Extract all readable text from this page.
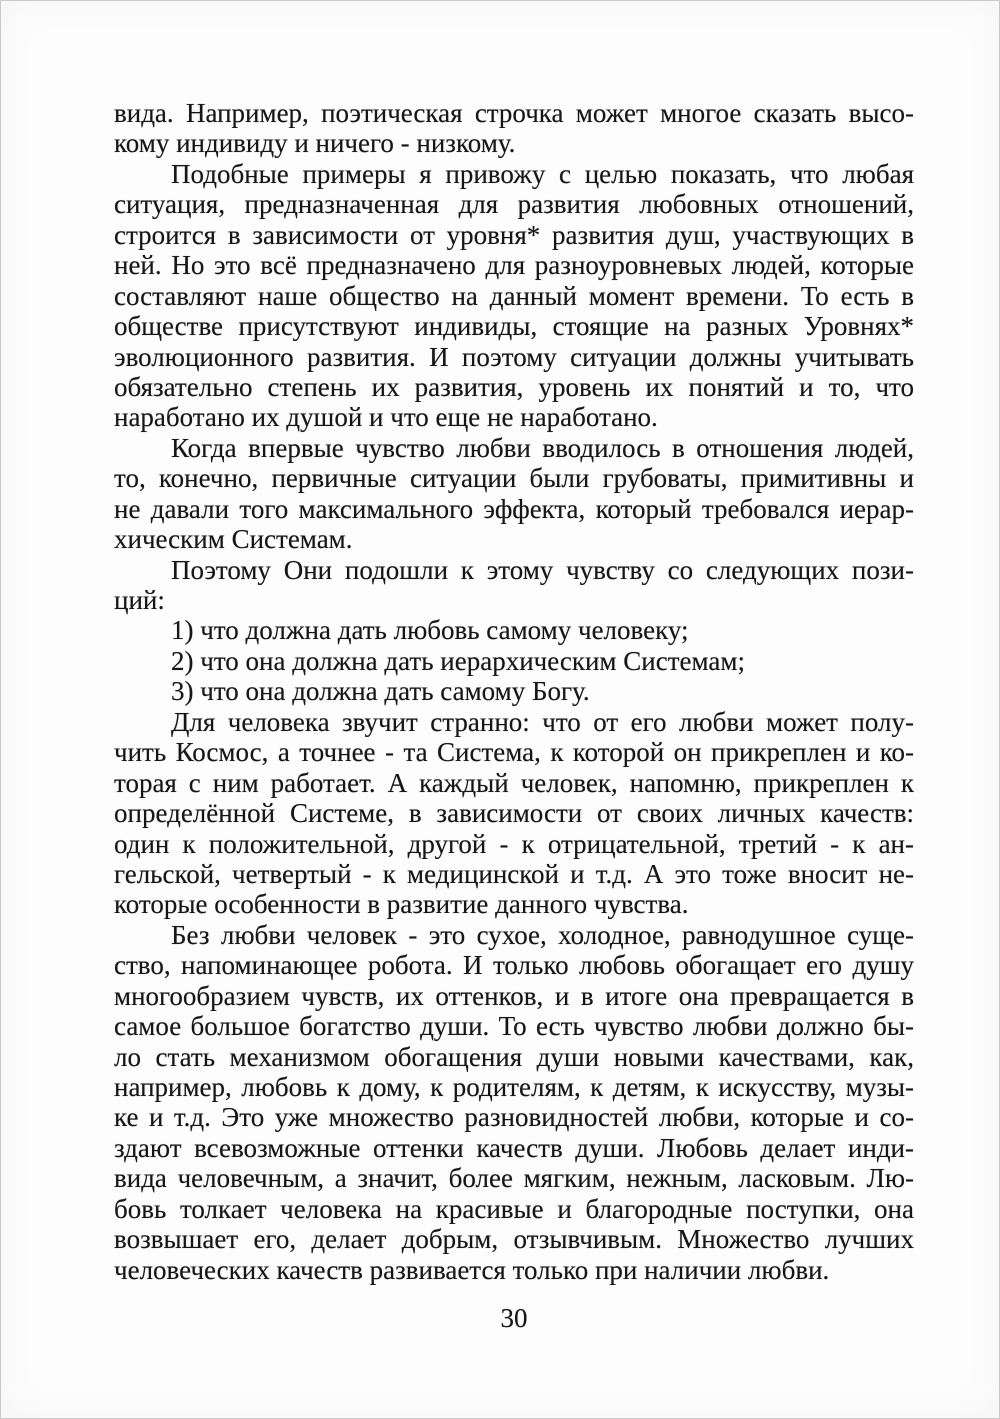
вида. Например, поэтическая строчка может многое сказать высо-
кому индивиду и ничего - низкому.
Подобные примеры я привожу с целью показать, что любая
ситуация, предназначенная для развития любовных отношений,
строится в зависимости от уровня* развития душ, участвующих в
ней. Но это всё предназначено для разноуровневых людей, которые
составляют наше общество на данный момент времени. То есть в
обществе присутствуют индивиды, стоящие на разных Уровнях*
эволюционного развития. И поэтому ситуации должны учитывать
обязательно степень их развития, уровень их понятий и то, что
наработано их душой и что еще не наработано.
Когда впервые чувство любви вводилось в отношения людей,
то, конечно, первичные ситуации были грубоваты, примитивны и
не давали того максимального эффекта, который требовался иерар-
хическим Системам.
Поэтому Они подошли к этому чувству со следующих пози-
ций:
1) что должна дать любовь самому человеку;
2) что она должна дать иерархическим Системам;
3) что она должна дать самому Богу.
Для человека звучит странно: что от его любви может полу-
чить Космос, а точнее - та Система, к которой он прикреплен и ко-
торая с ним работает. А каждый человек, напомню, прикреплен к
определённой Системе, в зависимости от своих личных качеств:
один к положительной, другой - к отрицательной, третий - к ан-
гельской, четвертый - к медицинской и т.д. А это тоже вносит не-
которые особенности в развитие данного чувства.
Без любви человек - это сухое, холодное, равнодушное суще-
ство, напоминающее робота. И только любовь обогащает его душу
многообразием чувств, их оттенков, и в итоге она превращается в
самое большое богатство души. То есть чувство любви должно бы-
ло стать механизмом обогащения души новыми качествами, как,
например, любовь к дому, к родителям, к детям, к искусству, музы-
ке и т.д. Это уже множество разновидностей любви, которые и со-
здают всевозможные оттенки качеств души. Любовь делает инди-
вида человечным, а значит, более мягким, нежным, ласковым. Лю-
бовь толкает человека на красивые и благородные поступки, она
возвышает его, делает добрым, отзывчивым. Множество лучших
человеческих качеств развивается только при наличии любви.
30
